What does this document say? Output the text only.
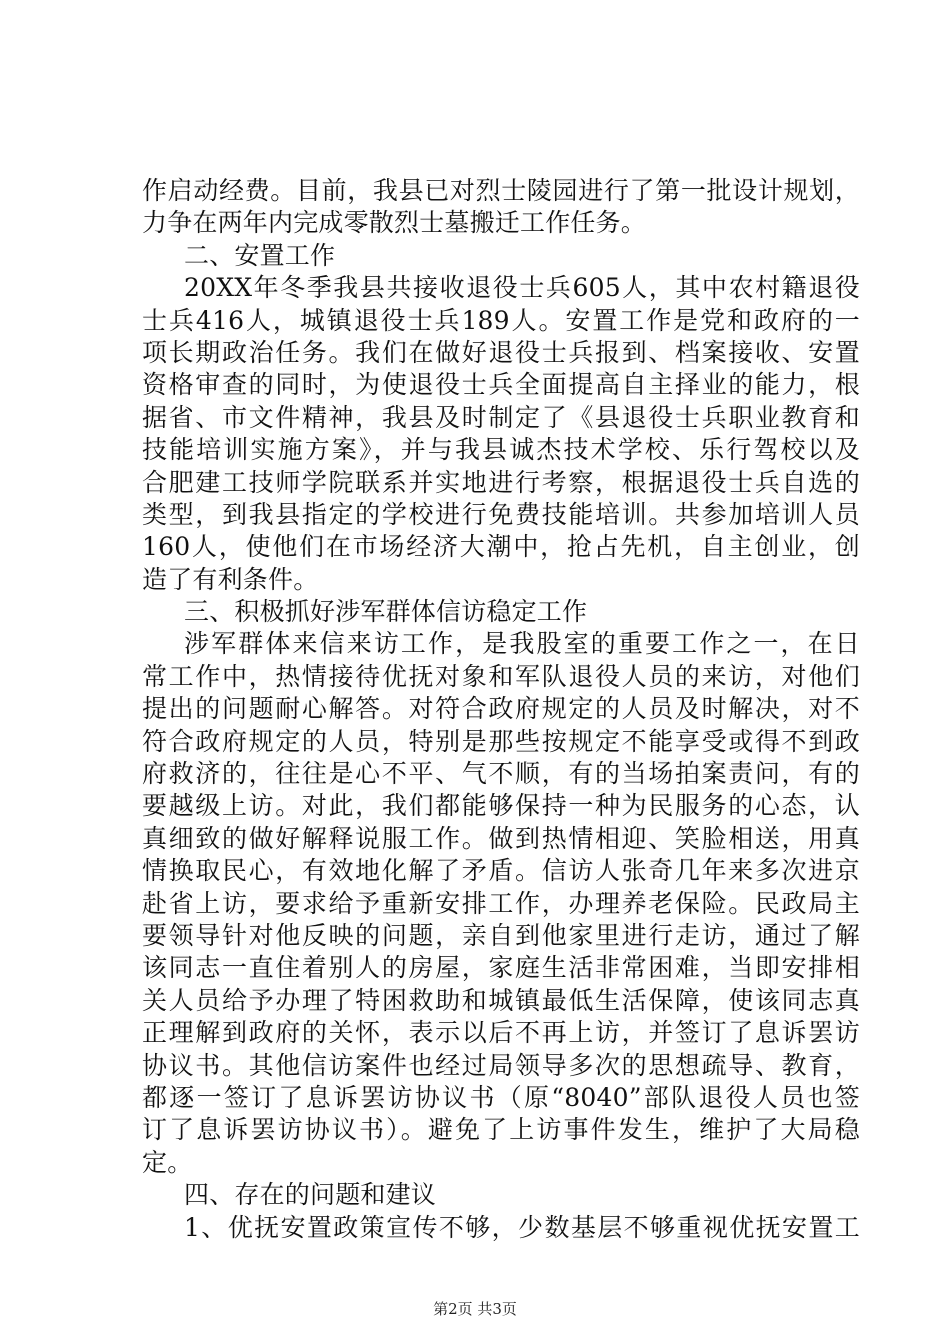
作启动经费。目前，我县已对烈士陵园进行了第一批设计规划，
力争在两年内完成零散烈士墓搬迁工作任务。
二、安置工作
20XX年冬季我县共接收退役士兵605人，其中农村籍退役
士兵416人，城镇退役士兵189人。安置工作是党和政府的一
项长期政治任务。我们在做好退役士兵报到、档案接收、安置
资格审查的同时，为使退役士兵全面提高自主择业的能力，根
据省、市文件精神，我县及时制定了《县退役士兵职业教育和
技能培训实施方案》，并与我县诚杰技术学校、乐行驾校以及
合肥建工技师学院联系并实地进行考察，根据退役士兵自选的
类型，到我县指定的学校进行免费技能培训。共参加培训人员
160人，使他们在市场经济大潮中，抢占先机，自主创业，创
造了有利条件。
三、积极抓好涉军群体信访稳定工作
涉军群体来信来访工作，是我股室的重要工作之一，在日
常工作中，热情接待优抚对象和军队退役人员的来访，对他们
提出的问题耐心解答。对符合政府规定的人员及时解决，对不
符合政府规定的人员，特别是那些按规定不能享受或得不到政
府救济的，往往是心不平、气不顺，有的当场拍案责问，有的
要越级上访。对此，我们都能够保持一种为民服务的心态，认
真细致的做好解释说服工作。做到热情相迎、笑脸相送，用真
情换取民心，有效地化解了矛盾。信访人张奇几年来多次进京
赴省上访，要求给予重新安排工作，办理养老保险。民政局主
要领导针对他反映的问题，亲自到他家里进行走访，通过了解
该同志一直住着别人的房屋，家庭生活非常困难，当即安排相
关人员给予办理了特困救助和城镇最低生活保障，使该同志真
正理解到政府的关怀，表示以后不再上访，并签订了息诉罢访
协议书。其他信访案件也经过局领导多次的思想疏导、教育，
都逐一签订了息诉罢访协议书（原“8040”部队退役人员也签
订了息诉罢访协议书）。避免了上访事件发生，维护了大局稳
定。
四、存在的问题和建议
1、优抚安置政策宣传不够，少数基层不够重视优抚安置工
第2页 共3页
